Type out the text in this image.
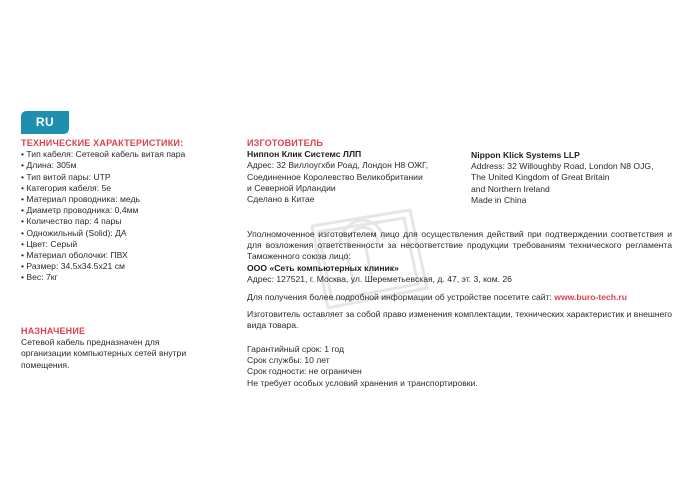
RU
ТЕХНИЧЕСКИЕ ХАРАКТЕРИСТИКИ:
• Тип кабеля: Сетевой кабель витая пара
• Длина: 305м
• Тип витой пары: UTP
• Категория кабеля: 5е
• Материал проводника: медь
• Диаметр проводника: 0,4мм
• Количество пар: 4 пары
• Одножильный (Solid): ДА
• Цвет: Серый
• Материал оболочки: ПВХ
• Размер: 34.5x34.5x21 см
• Вес: 7кг
НАЗНАЧЕНИЕ
Сетевой кабель предназначен для организации компьютерных сетей внутри помещения.
ИЗГОТОВИТЕЛЬ
Ниппон Клик Системс ЛЛП
Адрес: 32 Виллоугхби Роад, Лондон Н8 ОЖГ,
Соединенное Королевство Великобритании
и Северной Ирландии
Сделано в Китае
Nippon Klick Systems LLP
Address: 32 Willoughby Road, London N8 OJG,
The United Kingdom of Great Britain
and Northern Ireland
Made in China
Уполномоченное изготовителем лицо для осуществления действий при подтверждении соответствия и для возложения ответственности за несоответствие продукции требованиям технического регламента Таможенного союза лицо:
ООО «Сеть компьютерных клиник»
Адрес: 127521, г. Москва, ул. Шереметьевская, д. 47, эт. 3, ком. 26
Для получения более подробной информации об устройстве посетите сайт: www.buro-tech.ru
Изготовитель оставляет за собой право изменения комплектации, технических характеристик и внешнего вида товара.
Гарантийный срок: 1 год
Срок службы: 10 лет
Срок годности: не ограничен
Не требует особых условий хранения и транспортировки.
